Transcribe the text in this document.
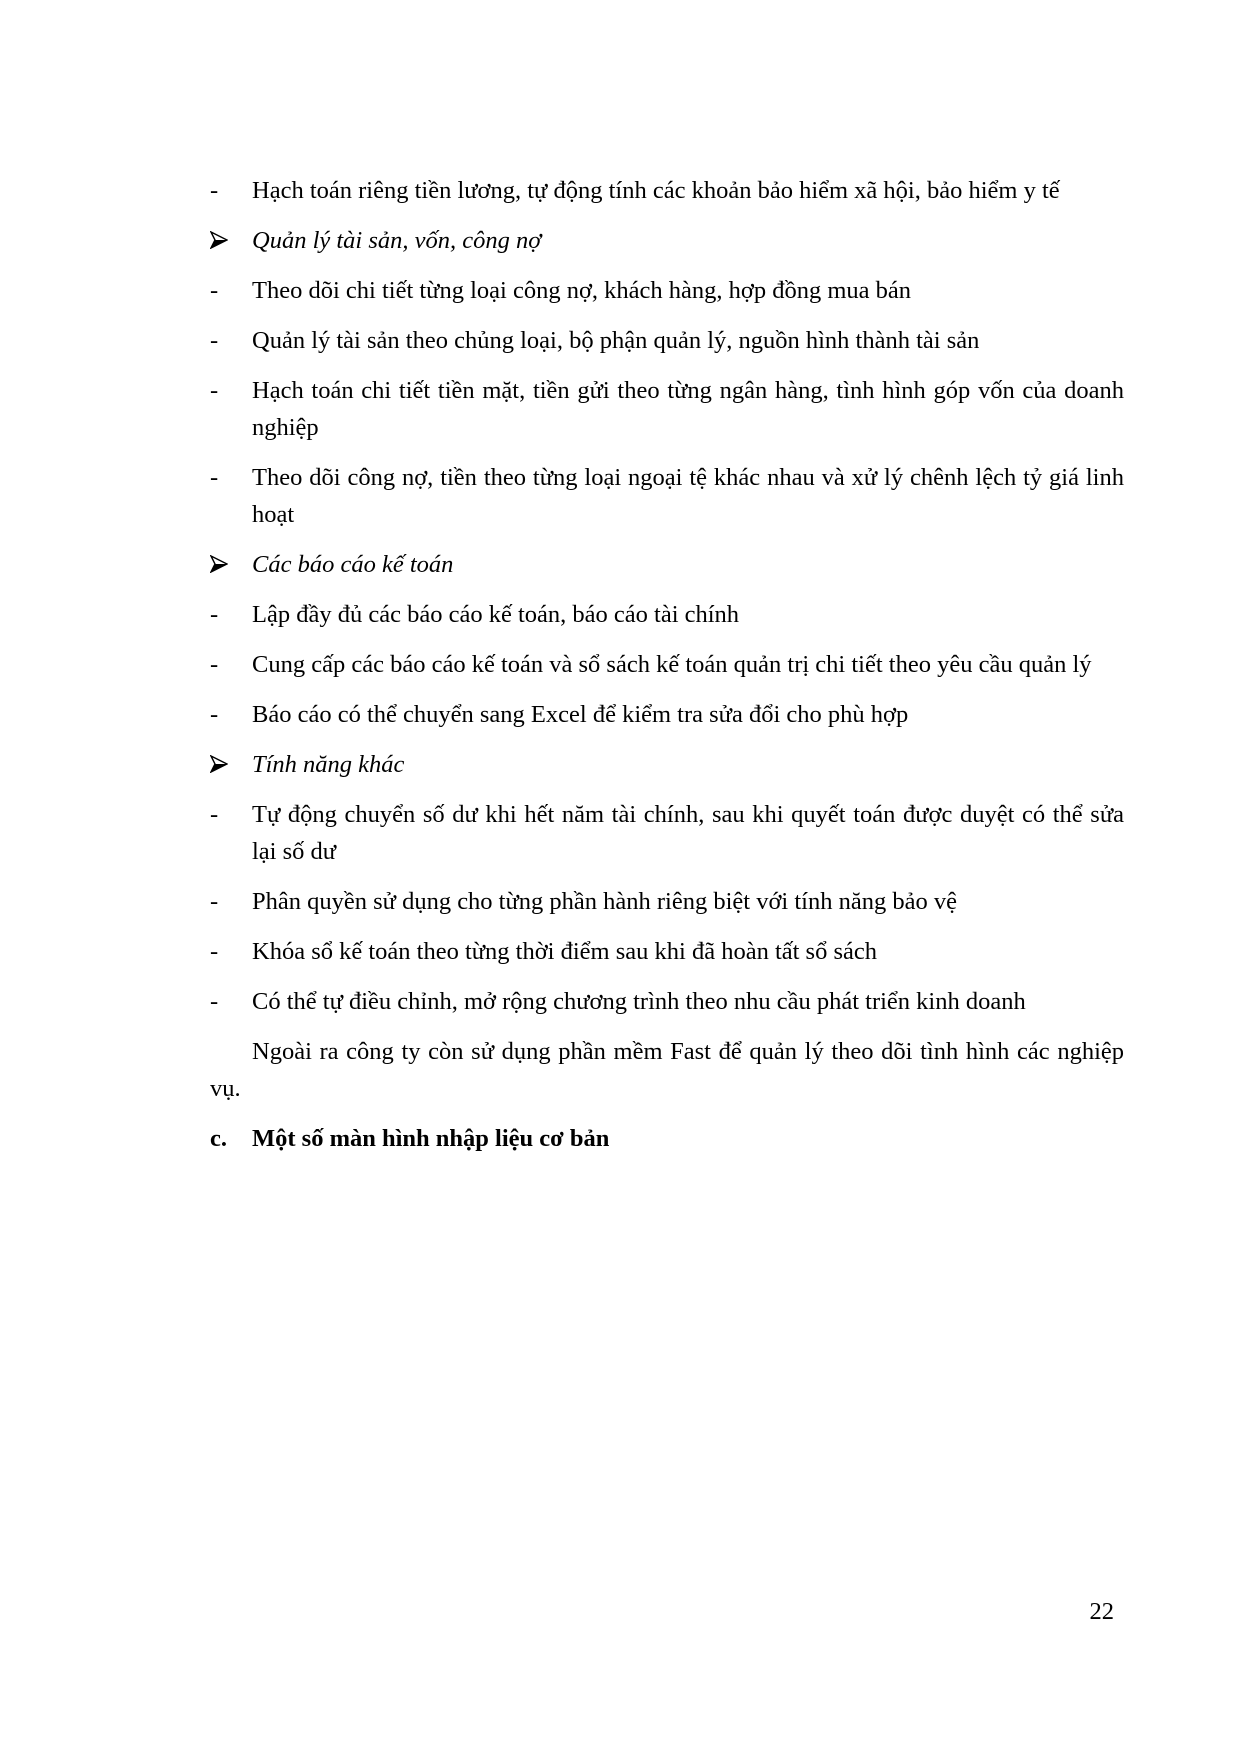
-	Hạch toán riêng tiền lương, tự động tính các khoản bảo hiểm xã hội, bảo hiểm y tế
Quản lý tài sản, vốn, công nợ
-	Theo dõi chi tiết từng loại công nợ, khách hàng, hợp đồng mua bán
-	Quản lý tài sản theo chủng loại, bộ phận quản lý, nguồn hình thành tài sản
-	Hạch toán chi tiết tiền mặt, tiền gửi theo từng ngân hàng, tình hình góp vốn của doanh nghiệp
-	Theo dõi công nợ, tiền theo từng loại ngoại tệ khác nhau và xử lý chênh lệch tỷ giá linh hoạt
Các báo cáo kế toán
-	Lập đầy đủ các báo cáo kế toán, báo cáo tài chính
-	Cung cấp các báo cáo kế toán và sổ sách kế toán quản trị chi tiết theo yêu cầu quản lý
-	Báo cáo có thể chuyển sang Excel để kiểm tra sửa đổi cho phù hợp
Tính năng khác
-	Tự động chuyển số dư khi hết năm tài chính, sau khi quyết toán được duyệt có thể sửa lại số dư
-	Phân quyền sử dụng cho từng phần hành riêng biệt với tính năng bảo vệ
-	Khóa sổ kế toán theo từng thời điểm sau khi đã hoàn tất sổ sách
-	Có thể tự điều chỉnh, mở rộng chương trình theo nhu cầu phát triển kinh doanh
Ngoài ra công ty còn sử dụng phần mềm Fast để quản lý theo dõi tình hình các nghiệp vụ.
c.	Một số màn hình nhập liệu cơ bản
22
